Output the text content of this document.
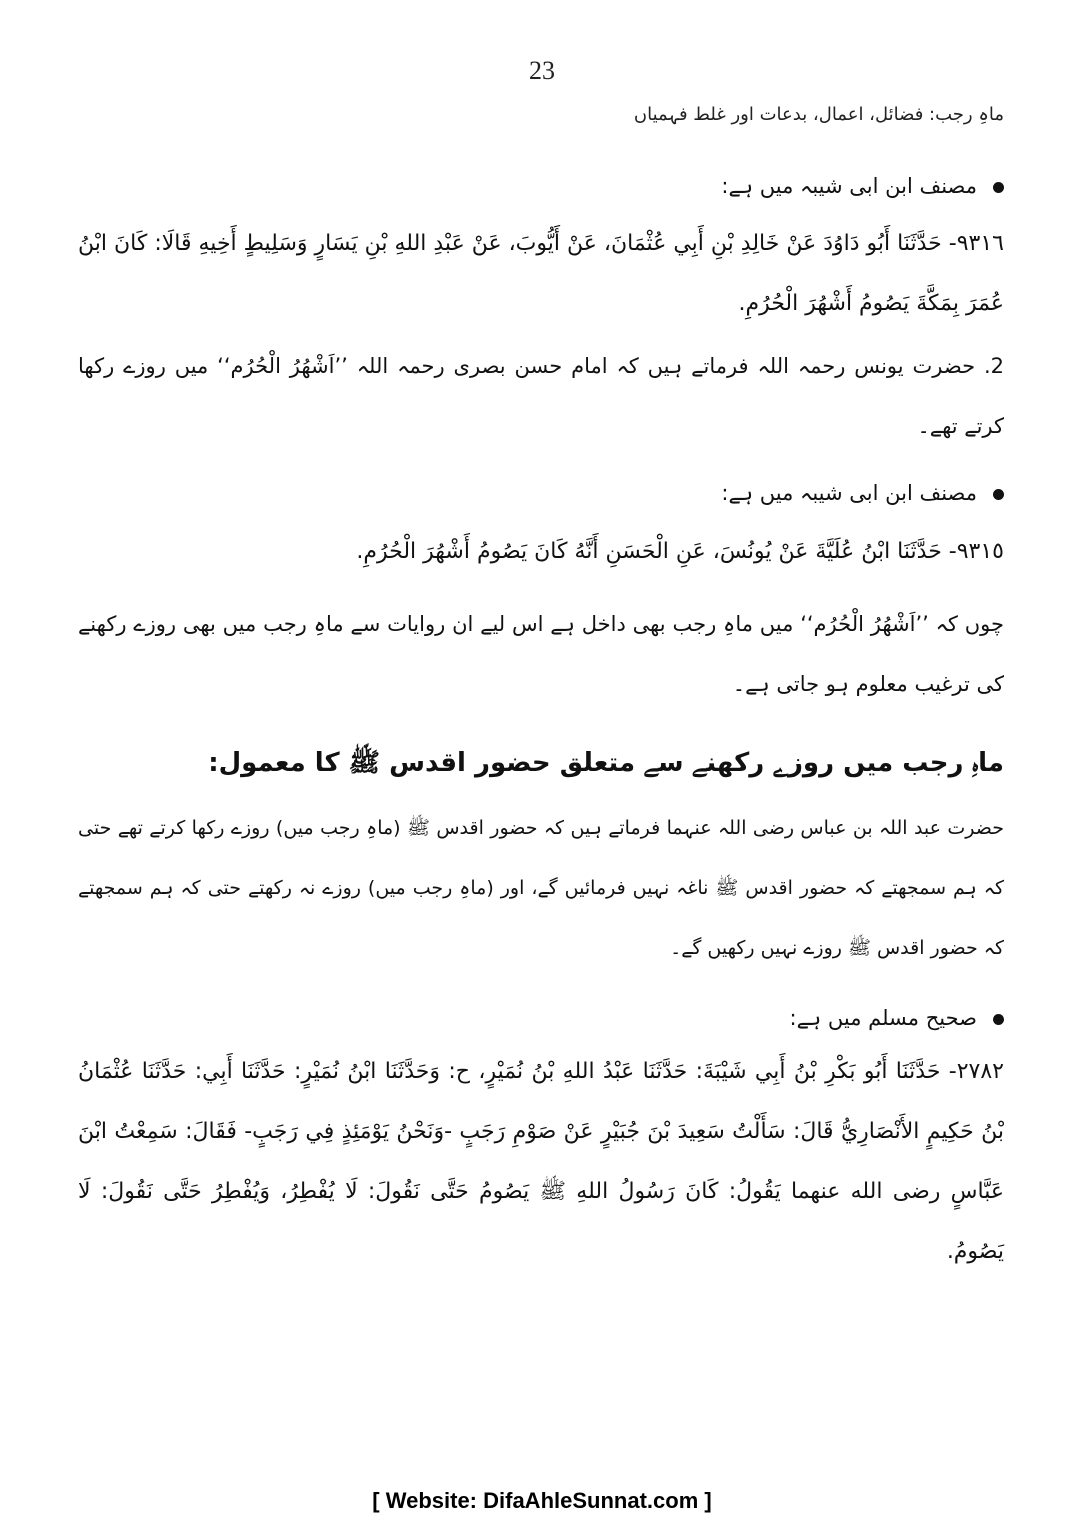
23
ماہِ رجب: فضائل، اعمال، بدعات اور غلط فہمیاں
مصنف ابن ابی شیبہ میں ہے:
٩٣١٦- حَدَّثَنَا أَبُو دَاوُدَ عَنْ خَالِدِ بْنِ أَبِي عُثْمَانَ، عَنْ أَيُّوبَ، عَنْ عَبْدِ اللهِ بْنِ يَسَارٍ وَسَلِيطٍ أَخِيهِ قَالَا: كَانَ ابْنُ عُمَرَ بِمَكَّةَ يَصُومُ أَشْهُرَ الْحُرُمِ.
2. حضرت یونس رحمہ اللہ فرماتے ہیں کہ امام حسن بصری رحمہ اللہ ’’اَشْھُرُ الْحُرُم‘‘ میں روزے رکھا کرتے تھے۔
مصنف ابن ابی شیبہ میں ہے:
٩٣١٥- حَدَّثَنَا ابْنُ عُلَيَّةَ عَنْ يُونُسَ، عَنِ الْحَسَنِ أَنَّهُ كَانَ يَصُومُ أَشْهُرَ الْحُرُمِ.
چوں کہ ’’اَشْھُرُ الْحُرُم‘‘ میں ماہِ رجب بھی داخل ہے اس لیے ان روایات سے ماہِ رجب میں بھی روزے رکھنے کی ترغیب معلوم ہو جاتی ہے۔
ماہِ رجب میں روزے رکھنے سے متعلق حضور اقدس ﷺ کا معمول:
حضرت عبد اللہ بن عباس رضی اللہ عنہما فرماتے ہیں کہ حضور اقدس ﷺ (ماہِ رجب میں) روزے رکھا کرتے تھے حتی کہ ہم سمجھتے کہ حضور اقدس ﷺ ناغہ نہیں فرمائیں گے، اور (ماہِ رجب میں) روزے نہ رکھتے حتی کہ ہم سمجھتے کہ حضور اقدس ﷺ روزے نہیں رکھیں گے۔
صحیح مسلم میں ہے:
٢٧٨٢- حَدَّثَنَا أَبُو بَكْرِ بْنُ أَبِي شَيْبَةَ: حَدَّثَنَا عَبْدُ اللهِ بْنُ نُمَيْرٍ، ح: وَحَدَّثَنَا ابْنُ نُمَيْرٍ: حَدَّثَنَا أَبِي: حَدَّثَنَا عُثْمَانُ بْنُ حَكِيمٍ الأَنْصَارِيُّ قَالَ: سَأَلْتُ سَعِيدَ بْنَ جُبَيْرٍ عَنْ صَوْمِ رَجَبٍ -وَنَحْنُ يَوْمَئِذٍ فِي رَجَبٍ- فَقَالَ: سَمِعْتُ ابْنَ عَبَّاسٍ رضى الله عنهما يَقُولُ: كَانَ رَسُولُ اللهِ ﷺ يَصُومُ حَتَّى نَقُولَ: لَا يُفْطِرُ، وَيُفْطِرُ حَتَّى نَقُولَ: لَا يَصُومُ.
[ Website: DifaAhleSunnat.com ]
